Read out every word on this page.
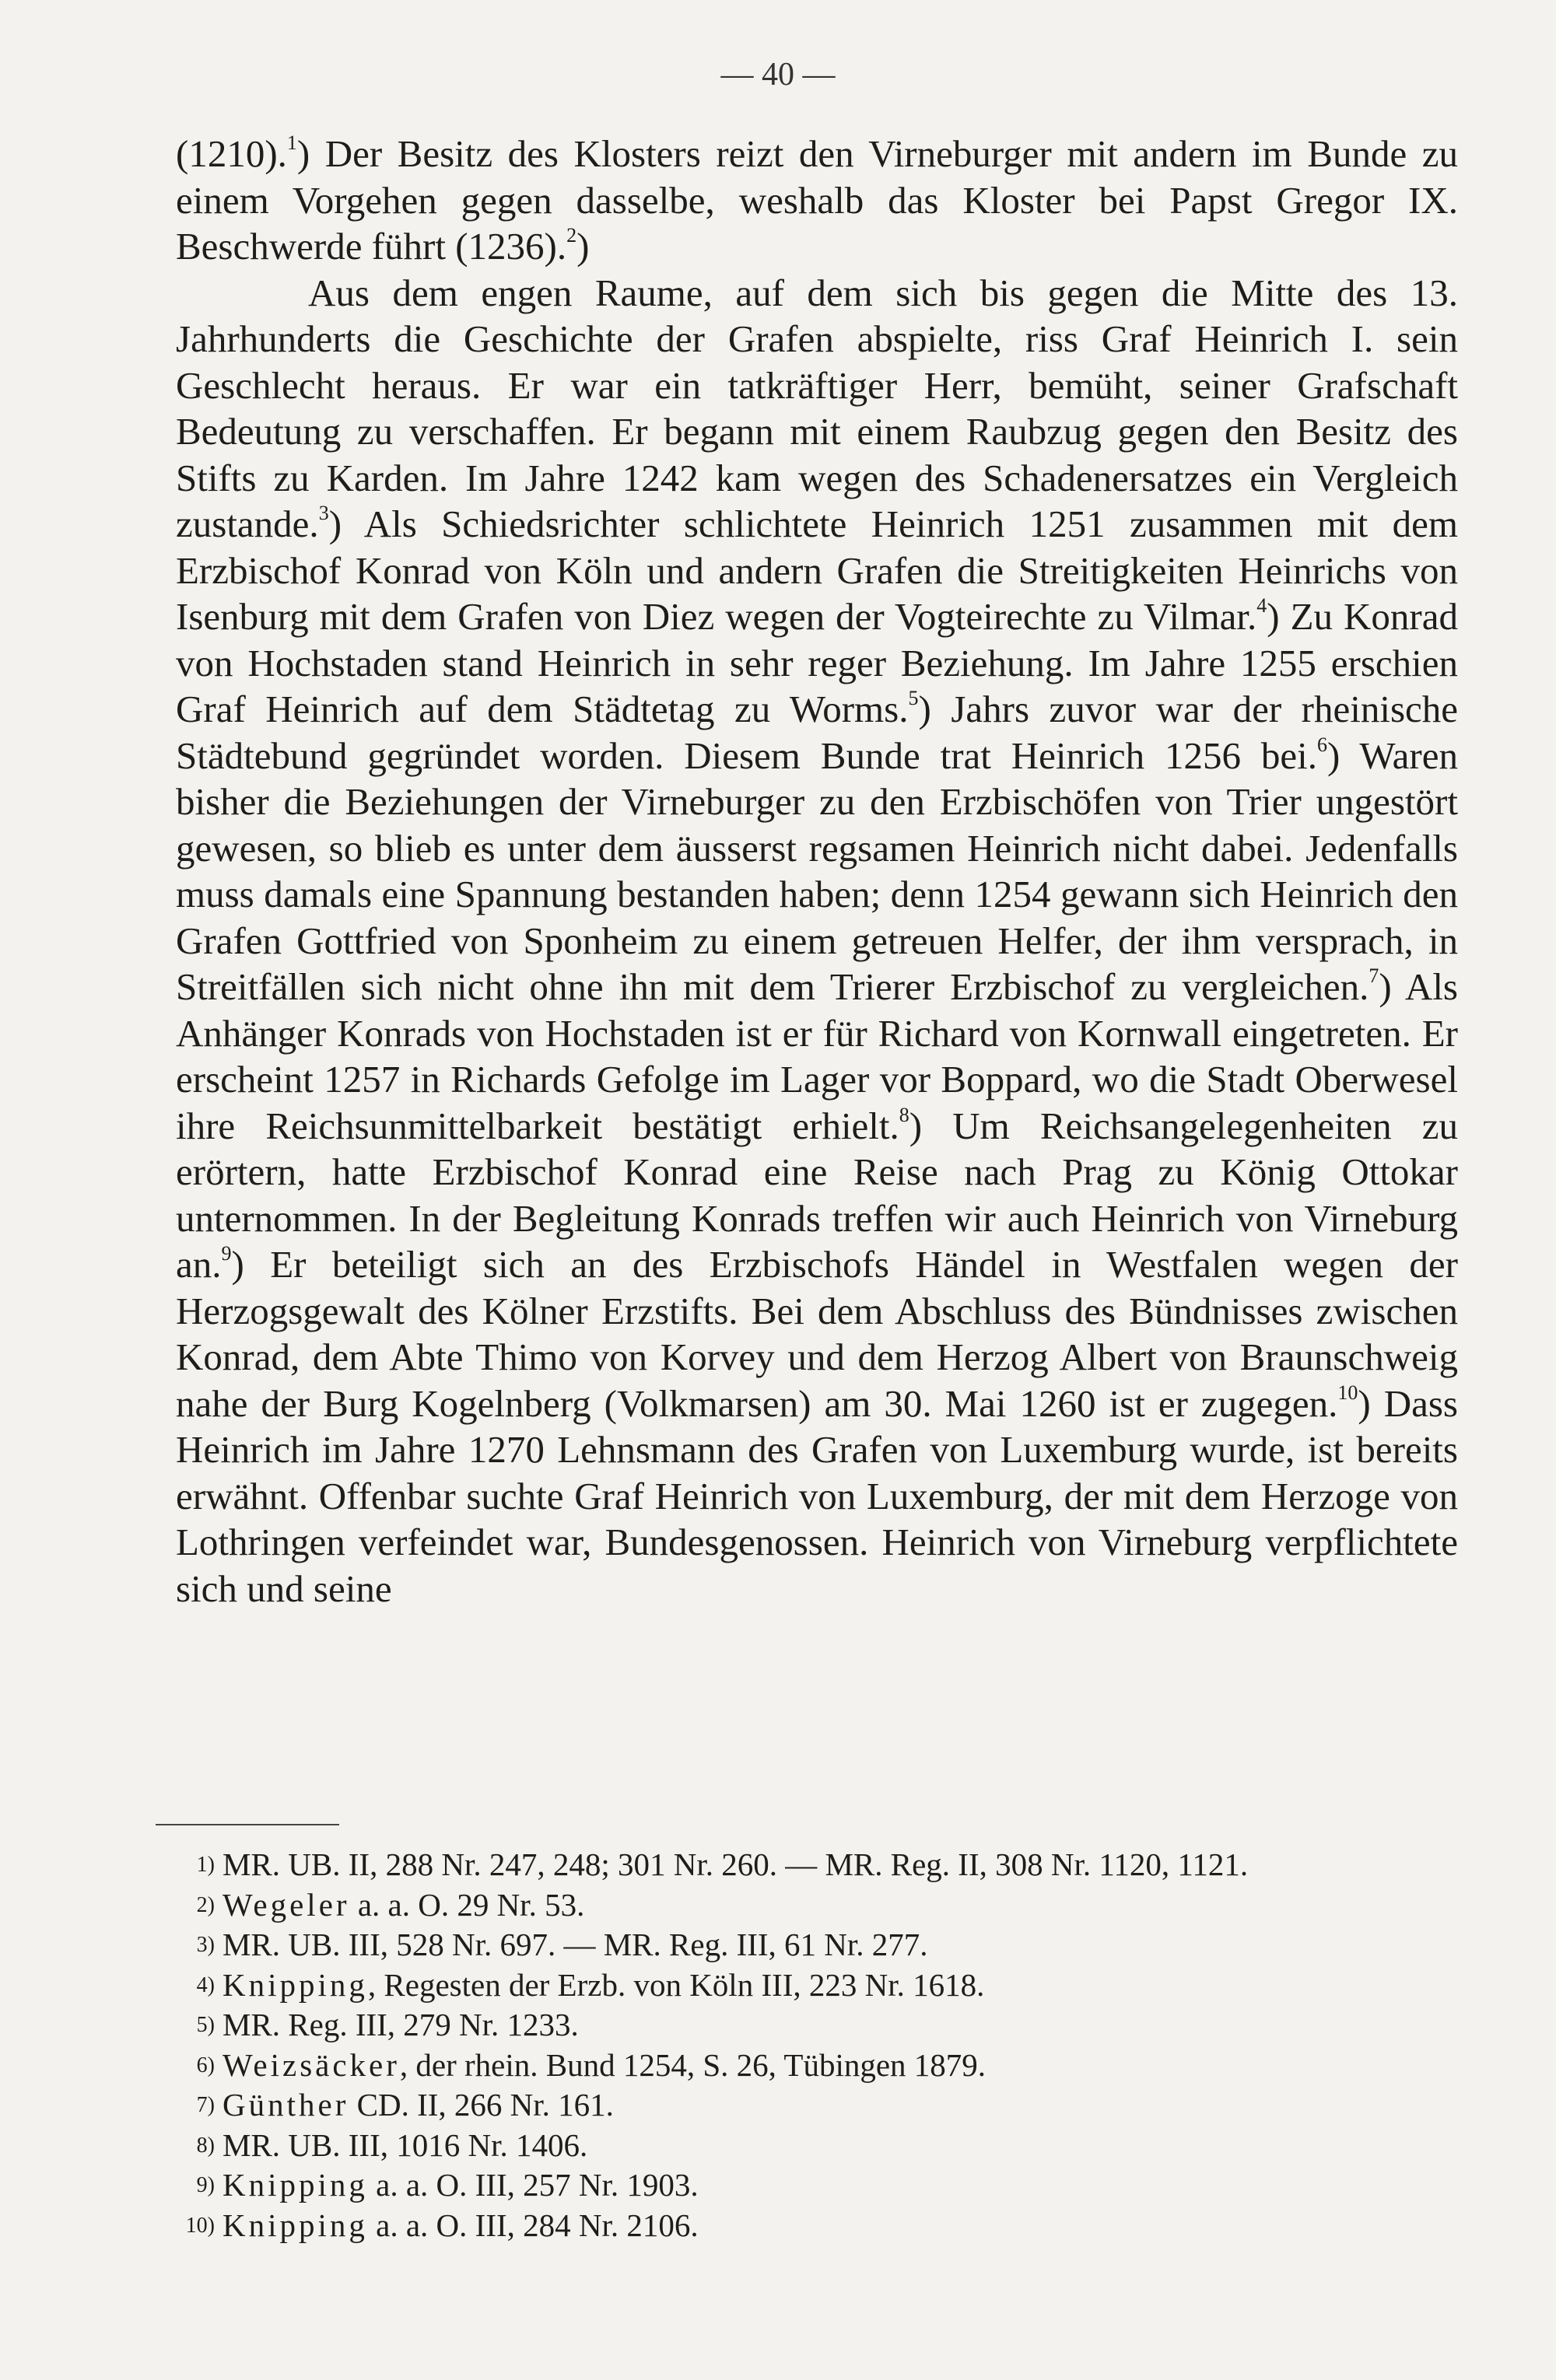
— 40 —

(1210).$^1$) Der Besitz des Klosters reizt den Virneburger mit andern im Bunde zu einem Vorgehen gegen dasselbe, weshalb das Kloster bei Papst Gregor IX. Beschwerde führt (1236).$^2$)

Aus dem engen Raume, auf dem sich bis gegen die Mitte des 13. Jahrhunderts die Geschichte der Grafen abspielte, riss Graf Heinrich I. sein Geschlecht heraus. Er war ein tatkräftiger Herr, bemüht, seiner Grafschaft Bedeutung zu verschaffen. Er begann mit einem Raubzug gegen den Besitz des Stifts zu Karden. Im Jahre 1242 kam wegen des Schadenersatzes ein Vergleich zustande.$^3$) Als Schiedsrichter schlichtete Heinrich 1251 zusammen mit dem Erzbischof Konrad von Köln und andern Grafen die Streitigkeiten Heinrichs von Isenburg mit dem Grafen von Diez wegen der Vogteirechte zu Vilmar.$^4$) Zu Konrad von Hochstaden stand Heinrich in sehr reger Beziehung. Im Jahre 1255 erschien Graf Heinrich auf dem Städtetag zu Worms.$^5$) Jahrs zuvor war der rheinische Städtebund gegründet worden. Diesem Bunde trat Heinrich 1256 bei.$^6$) Waren bisher die Beziehungen der Virneburger zu den Erzbischöfen von Trier ungestört gewesen, so blieb es unter dem äusserst regsamen Heinrich nicht dabei. Jedenfalls muss damals eine Spannung bestanden haben; denn 1254 gewann sich Heinrich den Grafen Gottfried von Sponheim zu einem getreuen Helfer, der ihm versprach, in Streitfällen sich nicht ohne ihn mit dem Trierer Erzbischof zu vergleichen.$^7$) Als Anhänger Konrads von Hochstaden ist er für Richard von Kornwall eingetreten. Er erscheint 1257 in Richards Gefolge im Lager vor Boppard, wo die Stadt Oberwesel ihre Reichsunmittelbarkeit bestätigt erhielt.$^8$) Um Reichsangelegenheiten zu erörtern, hatte Erzbischof Konrad eine Reise nach Prag zu König Ottokar unternommen. In der Begleitung Konrads treffen wir auch Heinrich von Virneburg an.$^9$) Er beteiligt sich an des Erzbischofs Händel in Westfalen wegen der Herzogsgewalt des Kölner Erzstifts. Bei dem Abschluss des Bündnisses zwischen Konrad, dem Abte Thimo von Korvey und dem Herzog Albert von Braunschweig nahe der Burg Kogelnberg (Volkmarsen) am 30. Mai 1260 ist er zugegen.$^{10}$) Dass Heinrich im Jahre 1270 Lehnsmann des Grafen von Luxemburg wurde, ist bereits erwähnt. Offenbar suchte Graf Heinrich von Luxemburg, der mit dem Herzoge von Lothringen verfeindet war, Bundesgenossen. Heinrich von Virneburg verpflichtete sich und seine

1) MR. UB. II, 288 Nr. 247, 248; 301 Nr. 260. — MR. Reg. II, 308 Nr. 1120, 1121.
2) Wegeler a. a. O. 29 Nr. 53.
3) MR. UB. III, 528 Nr. 697. — MR. Reg. III, 61 Nr. 277.
4) Knipping, Regesten der Erzb. von Köln III, 223 Nr. 1618.
5) MR. Reg. III, 279 Nr. 1233.
6) Weizsäcker, der rhein. Bund 1254, S. 26, Tübingen 1879.
7) Günther CD. II, 266 Nr. 161.
8) MR. UB. III, 1016 Nr. 1406.
9) Knipping a. a. O. III, 257 Nr. 1903.
10) Knipping a. a. O. III, 284 Nr. 2106.
